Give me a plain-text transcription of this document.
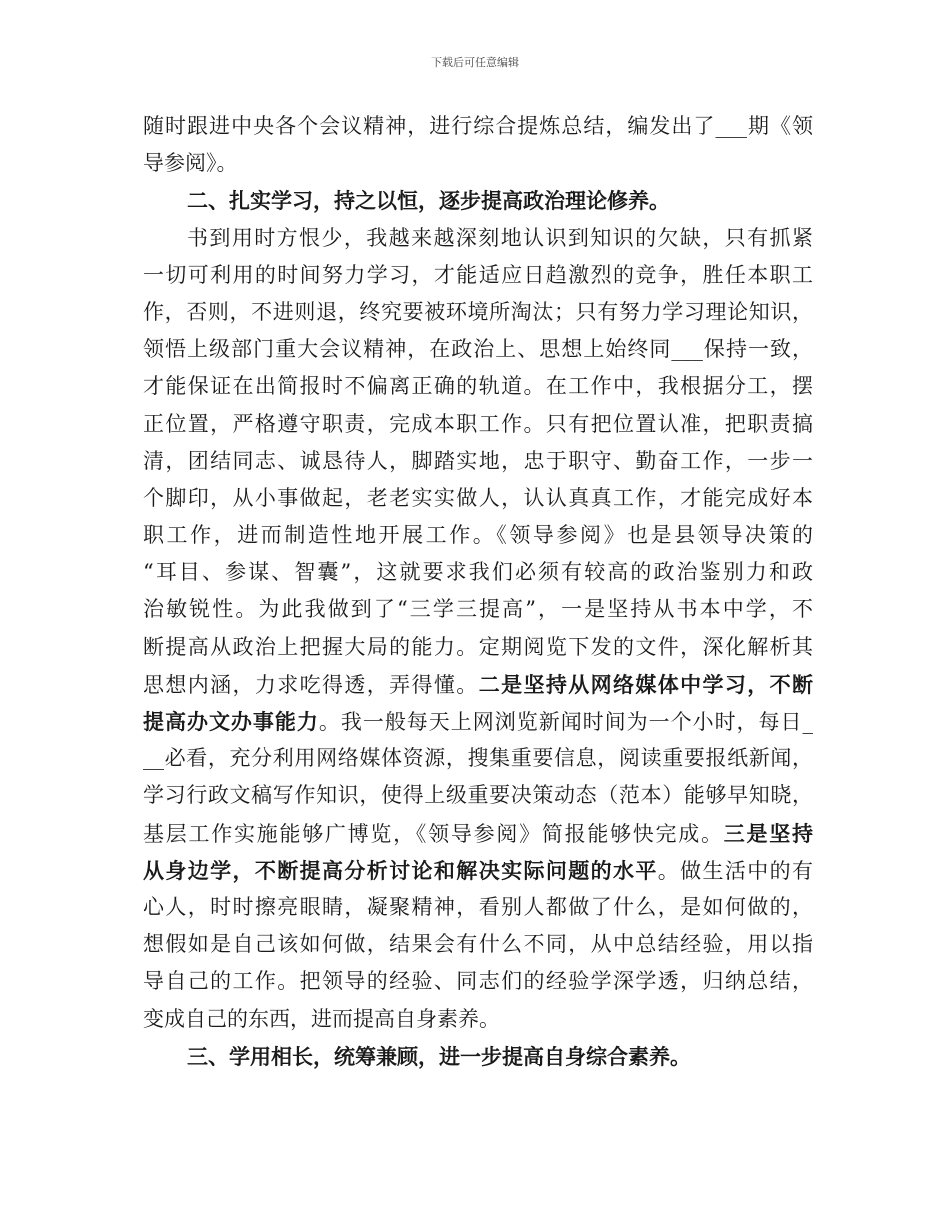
下载后可任意编辑
随时跟进中央各个会议精神，进行综合提炼总结，编发出了___期《领
导参阅》。
二、扎实学习，持之以恒，逐步提高政治理论修养。
书到用时方恨少，我越来越深刻地认识到知识的欠缺，只有抓紧
一切可利用的时间努力学习，才能适应日趋激烈的竞争，胜任本职工
作，否则，不进则退，终究要被环境所淘汰；只有努力学习理论知识，
领悟上级部门重大会议精神，在政治上、思想上始终同___保持一致，
才能保证在出简报时不偏离正确的轨道。在工作中，我根据分工，摆
正位置，严格遵守职责，完成本职工作。只有把位置认准，把职责搞
清，团结同志、诚恳待人，脚踏实地，忠于职守、勤奋工作，一步一
个脚印，从小事做起，老老实实做人，认认真真工作，才能完成好本
职工作，进而制造性地开展工作。《领导参阅》也是县领导决策的
“耳目、参谋、智囊”，这就要求我们必须有较高的政治鉴别力和政
治敏锐性。为此我做到了“三学三提高”，一是坚持从书本中学，不
断提高从政治上把握大局的能力。定期阅览下发的文件，深化解析其
思想内涵，力求吃得透，弄得懂。二是坚持从网络媒体中学习，不断
提高办文办事能力。我一般每天上网浏览新闻时间为一个小时，每日_
__必看，充分利用网络媒体资源，搜集重要信息，阅读重要报纸新闻，
学习行政文稿写作知识，使得上级重要决策动态（范本）能够早知晓，
基层工作实施能够广博览，《领导参阅》简报能够快完成。三是坚持
从身边学，不断提高分析讨论和解决实际问题的水平。做生活中的有
心人，时时擦亮眼睛，凝聚精神，看别人都做了什么，是如何做的，
想假如是自己该如何做，结果会有什么不同，从中总结经验，用以指
导自己的工作。把领导的经验、同志们的经验学深学透，归纳总结，
变成自己的东西，进而提高自身素养。
三、学用相长，统筹兼顾，进一步提高自身综合素养。
